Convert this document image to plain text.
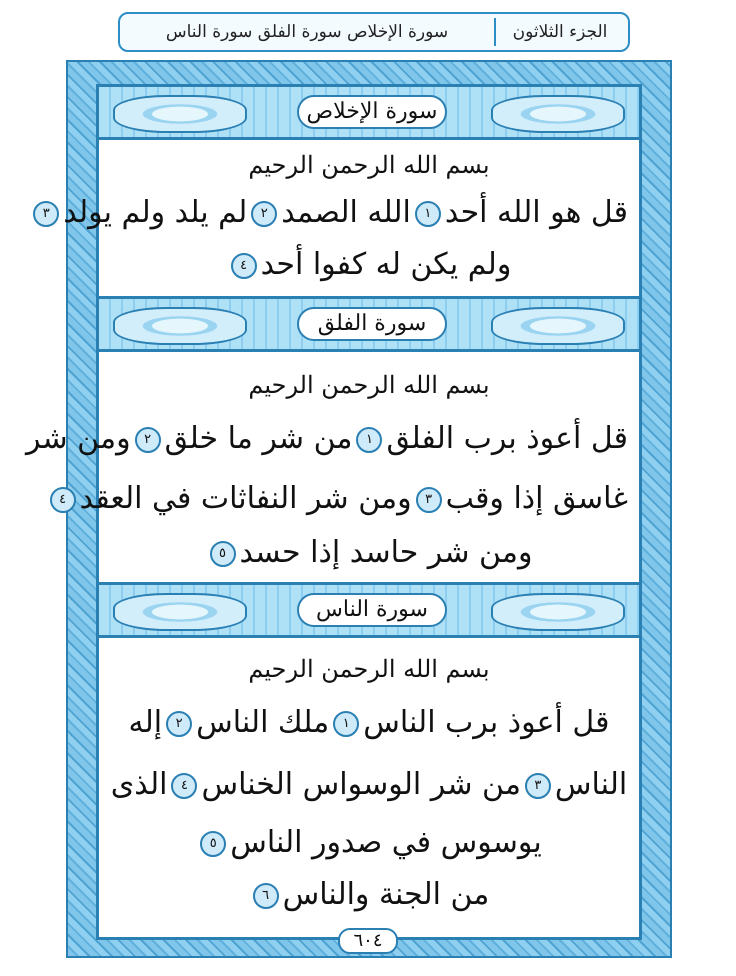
الجزء الثلاثون
سورة الإخلاص سورة الفلق سورة الناس
سورة الإخلاص
بسم الله الرحمن الرحيم
قل هو الله أحد١الله الصمد٢لم يلد ولم يولد٣
ولم يكن له كفوا أحد٤
سورة الفلق
بسم الله الرحمن الرحيم
قل أعوذ برب الفلق١من شر ما خلق٢ومن شر
غاسق إذا وقب٣ومن شر النفاثات في العقد٤
ومن شر حاسد إذا حسد٥
سورة الناس
بسم الله الرحمن الرحيم
قل أعوذ برب الناس١ملك الناس٢إله
الناس٣من شر الوسواس الخناس٤الذى
يوسوس في صدور الناس٥
من الجنة والناس٦
٦٠٤
